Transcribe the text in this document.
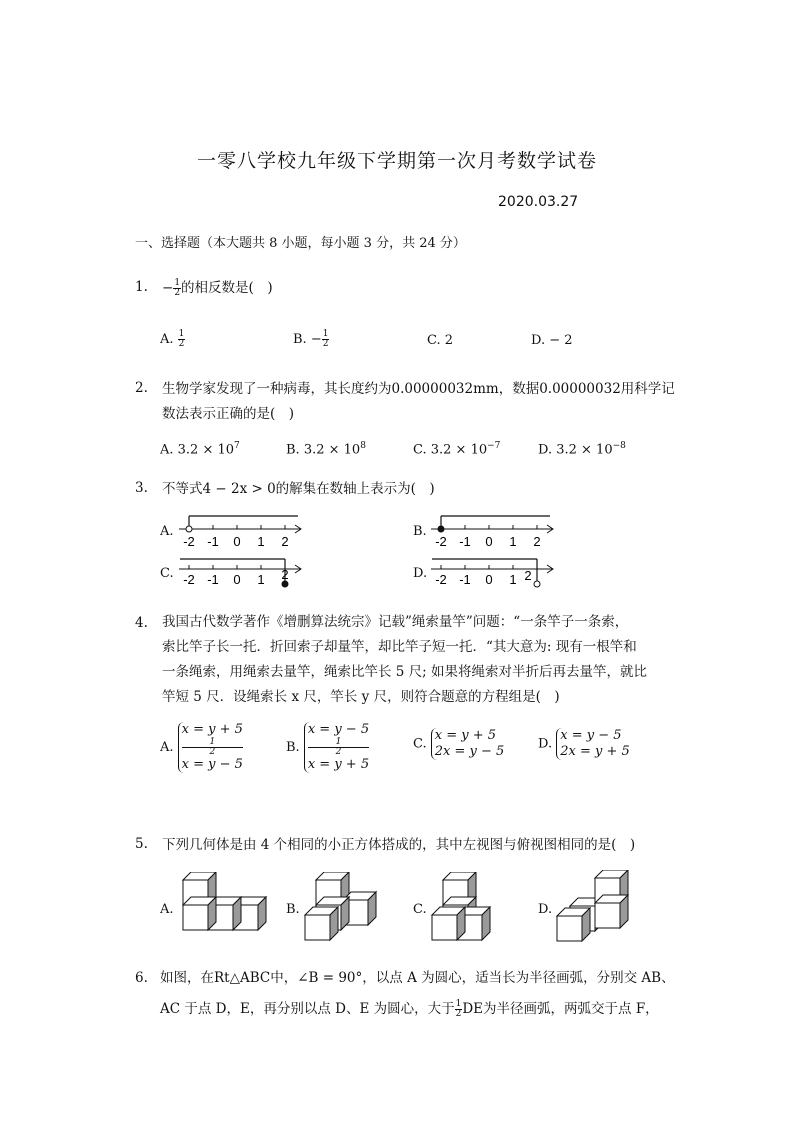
一零八学校九年级下学期第一次月考数学试卷
2020.03.27
一、选择题（本大题共 8 小题，每小题 3 分，共 24 分）
1. − $\frac{1}{2}$ 的相反数是(　)
A. $\frac{1}{2}$	B. − $\frac{1}{2}$	C. 2	D. − 2
2. 生物学家发现了一种病毒，其长度约为0.00000032mm，数据0.00000032用科学记
数法表示正确的是(　)
A. $3.2 \times 10^7$	B. $3.2 \times 10^8$	C. $3.2 \times 10^{-7}$	D. $3.2 \times 10^{-8}$
3. 不等式4 − 2x > 0的解集在数轴上表示为(　)
A.	B.
C.	D.
-2 -1 0 1 2	-2 -1 0 1 2
-2 -1 0 1 2	-2 -1 0 1 2
4. 我国古代数学著作《增删算法统宗》记载”绳索量竿”问题：“一条竿子一条索，
索比竿子长一托．折回索子却量竿，却比竿子短一托．“其大意为: 现有一根竿和
一条绳索，用绳索去量竿，绳索比竿长 5 尺; 如果将绳索对半折后再去量竿，就比
竿短 5 尺．设绳索长 x 尺，竿长 y 尺，则符合题意的方程组是(　)
A.
x = y + 5
1
2
x = y − 5
B.
x = y − 5
1
2
x = y + 5
C.
x = y + 5
2x = y − 5	D.
x = y − 5
2x = y + 5
5. 下列几何体是由 4 个相同的小正方体搭成的，其中左视图与俯视图相同的是(　)
A.	B.	C.	D.
6. 如图，在Rt△ABC中，∠B = 90°，以点 A 为圆心，适当长为半径画弧，分别交 AB、
AC 于点 D，E，再分别以点 D、E 为圆心，大于 $\frac{1}{2}$ DE为半径画弧，两弧交于点 F，
